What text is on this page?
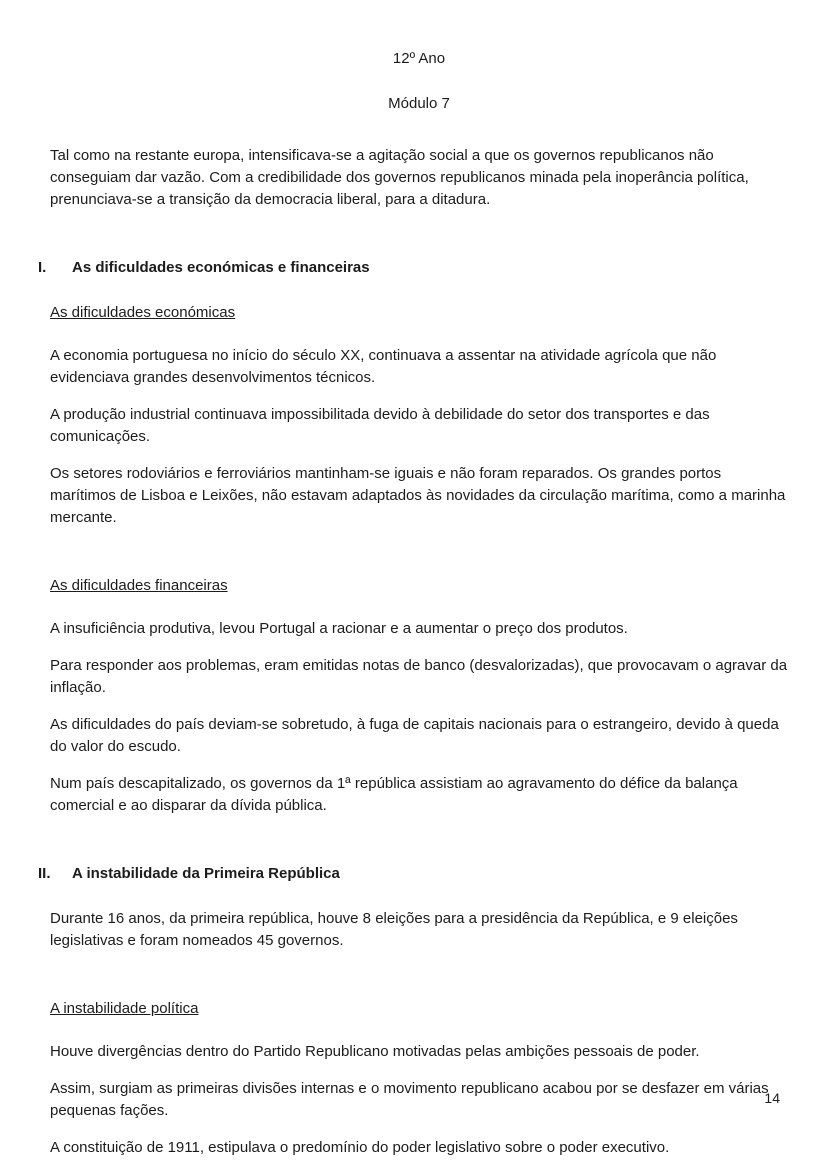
12º Ano
Módulo 7

Tal como na restante europa, intensificava-se a agitação social a que os governos republicanos não conseguiam dar vazão. Com a credibilidade dos governos republicanos minada pela inoperância política, prenunciava-se a transição da democracia liberal, para a ditadura.

I.	As dificuldades económicas e financeiras
As dificuldades económicas

A economia portuguesa no início do século XX, continuava a assentar na atividade agrícola que não evidenciava grandes desenvolvimentos técnicos.

A produção industrial continuava impossibilitada devido à debilidade do setor dos transportes e das comunicações.

Os setores rodoviários e ferroviários mantinham-se iguais e não foram reparados. Os grandes portos marítimos de Lisboa e Leixões, não estavam adaptados às novidades da circulação marítima, como a marinha mercante.

As dificuldades financeiras

A insuficiência produtiva, levou Portugal a racionar e a aumentar o preço dos produtos.

Para responder aos problemas, eram emitidas notas de banco (desvalorizadas), que provocavam o agravar da inflação.

As dificuldades do país deviam-se sobretudo, à fuga de capitais nacionais para o estrangeiro, devido à queda do valor do escudo.

Num país descapitalizado, os governos da 1ª república assistiam ao agravamento do défice da balança comercial e ao disparar da dívida pública.

II.	A instabilidade da Primeira República

Durante 16 anos, da primeira república, houve 8 eleições para a presidência da República, e 9 eleições legislativas e foram nomeados 45 governos.

A instabilidade política

Houve divergências dentro do Partido Republicano motivadas pelas ambições pessoais de poder.

Assim, surgiam as primeiras divisões internas e o movimento republicano acabou por se desfazer em várias pequenas fações.

A constituição de 1911, estipulava o predomínio do poder legislativo sobre o poder executivo.

14
